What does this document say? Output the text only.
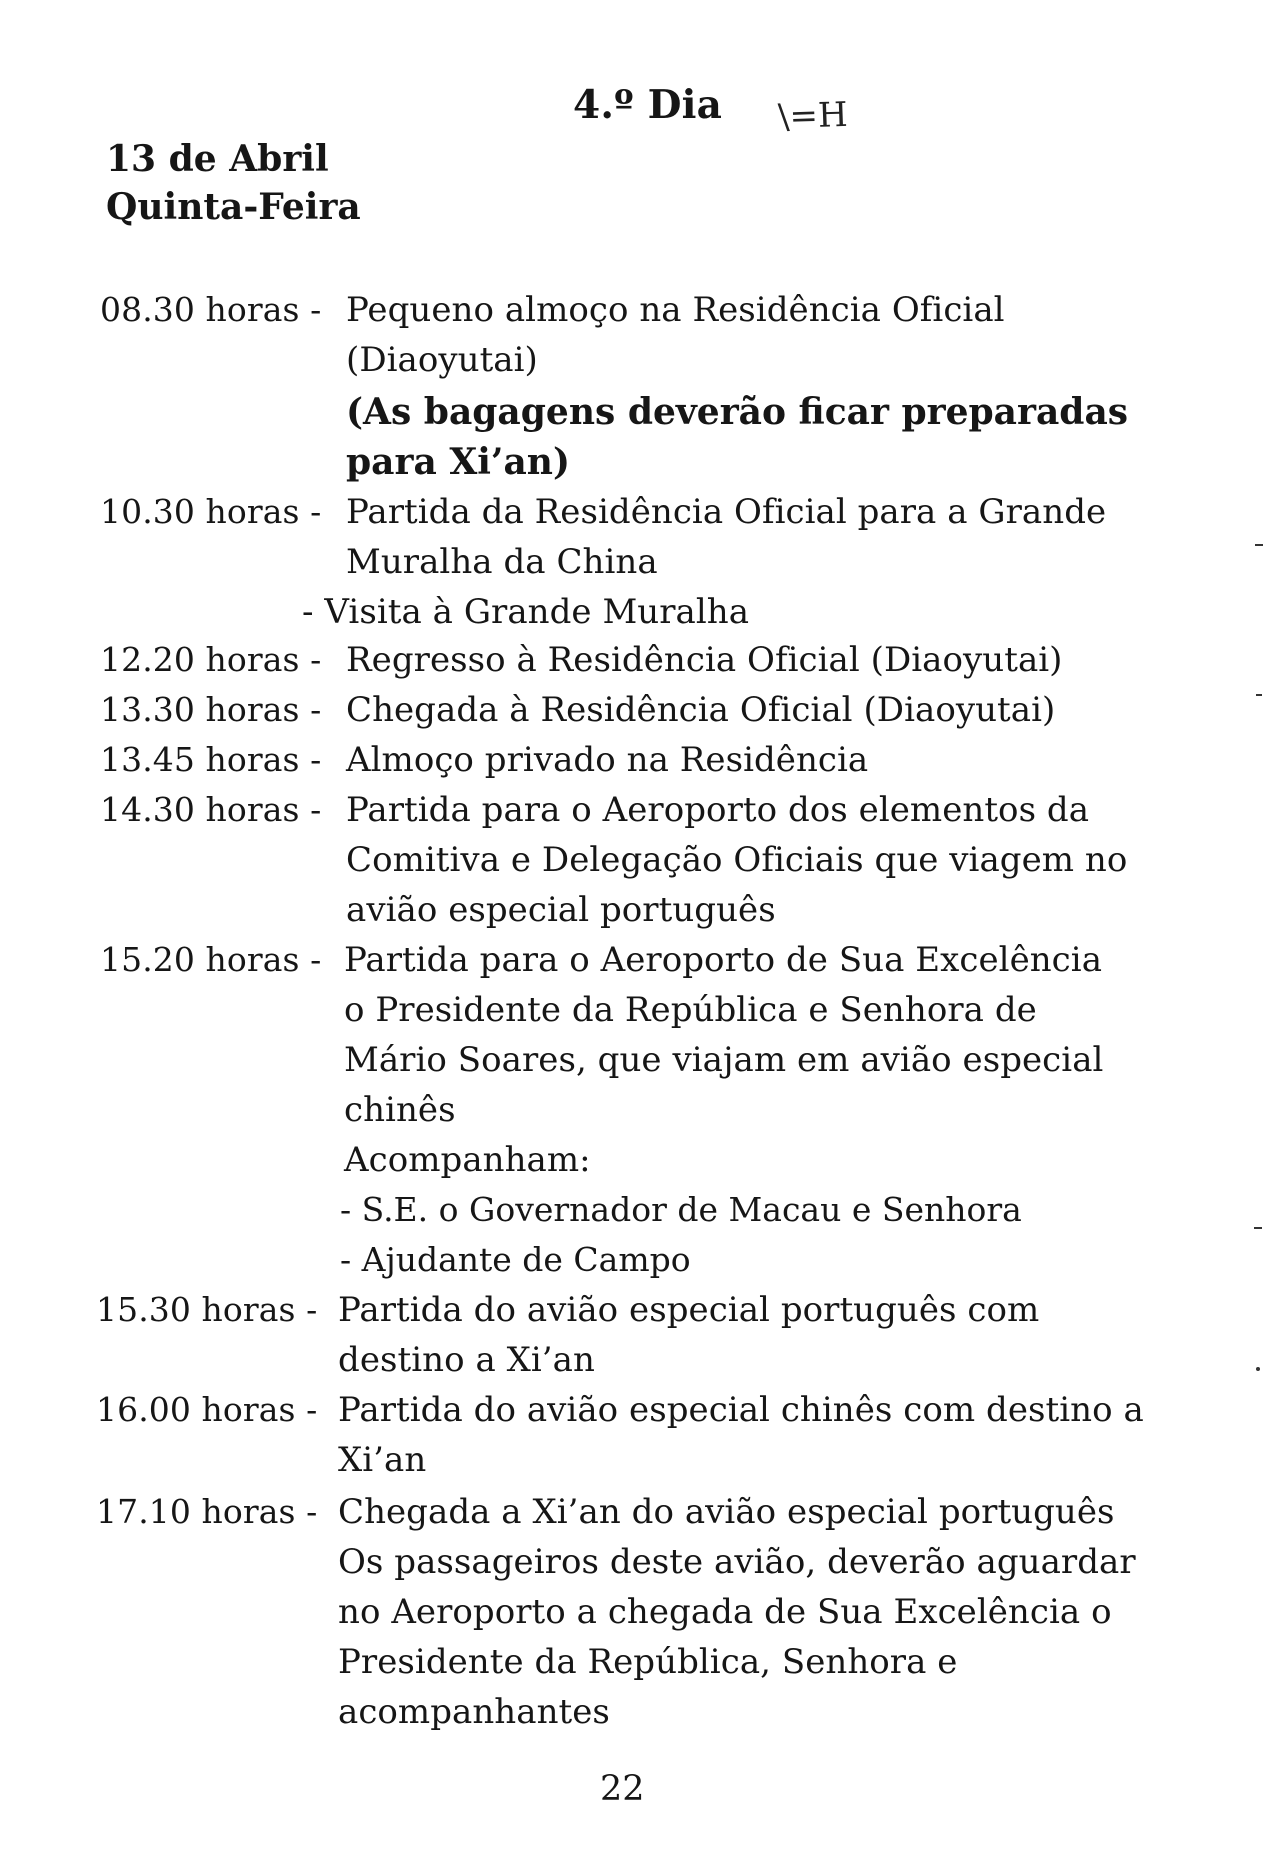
4.º Dia \=H
13 de Abril
Quinta-Feira
08.30 horas - Pequeno almoço na Residência Oficial
(Diaoyutai)
(As bagagens deverão ficar preparadas
para Xi’an)
10.30 horas - Partida da Residência Oficial para a Grande
Muralha da China
- Visita à Grande Muralha
12.20 horas - Regresso à Residência Oficial (Diaoyutai)
13.30 horas - Chegada à Residência Oficial (Diaoyutai)
13.45 horas - Almoço privado na Residência
14.30 horas - Partida para o Aeroporto dos elementos da
Comitiva e Delegação Oficiais que viagem no
avião especial português
15.20 horas - Partida para o Aeroporto de Sua Excelência
o Presidente da República e Senhora de
Mário Soares, que viajam em avião especial
chinês
Acompanham:
- S.E. o Governador de Macau e Senhora
- Ajudante de Campo
15.30 horas - Partida do avião especial português com
destino a Xi’an
16.00 horas - Partida do avião especial chinês com destino a
Xi’an
17.10 horas - Chegada a Xi’an do avião especial português
Os passageiros deste avião, deverão aguardar
no Aeroporto a chegada de Sua Excelência o
Presidente da República, Senhora e
acompanhantes
22
